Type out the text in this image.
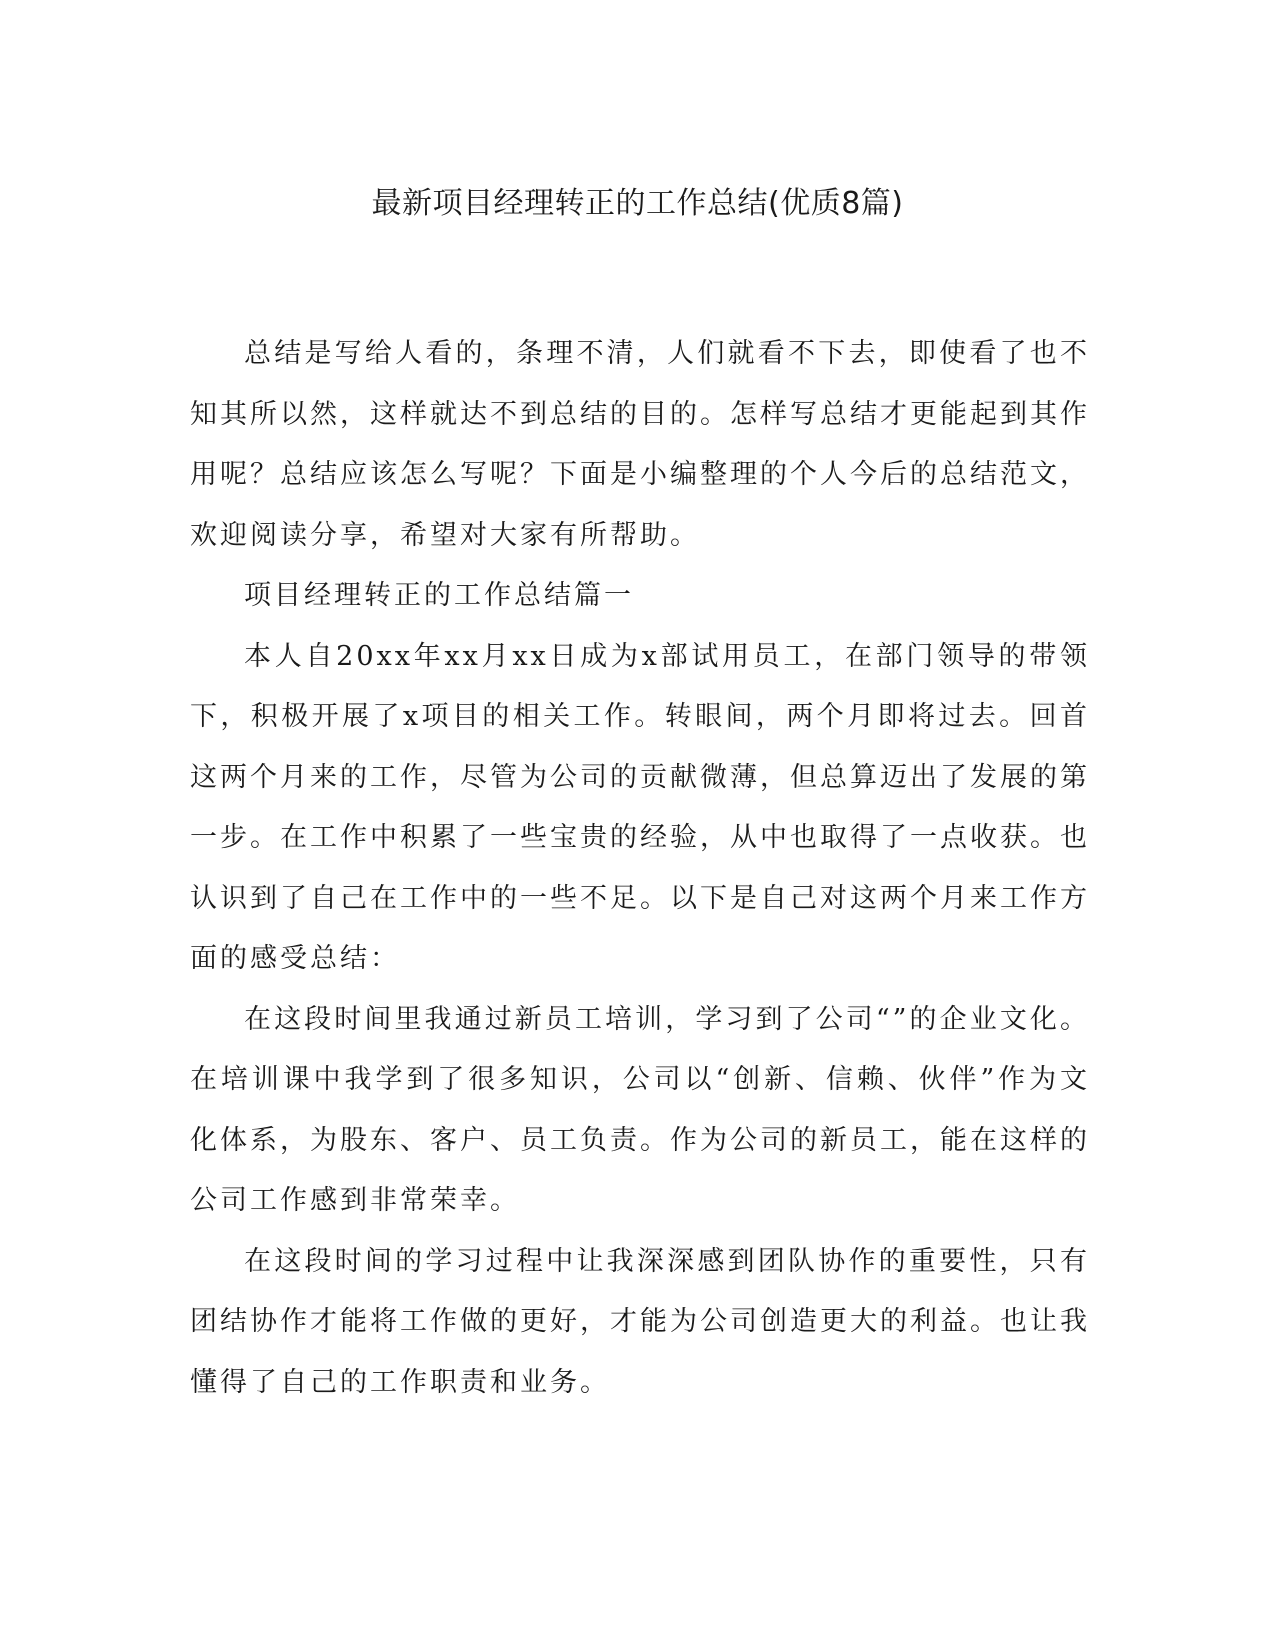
最新项目经理转正的工作总结(优质8篇)

总结是写给人看的，条理不清，人们就看不下去，即使看了也不知其所以然，这样就达不到总结的目的。怎样写总结才更能起到其作用呢？总结应该怎么写呢？下面是小编整理的个人今后的总结范文，欢迎阅读分享，希望对大家有所帮助。

项目经理转正的工作总结篇一

本人自20xx年xx月xx日成为x部试用员工，在部门领导的带领下，积极开展了x项目的相关工作。转眼间，两个月即将过去。回首这两个月来的工作，尽管为公司的贡献微薄，但总算迈出了发展的第一步。在工作中积累了一些宝贵的经验，从中也取得了一点收获。也认识到了自己在工作中的一些不足。以下是自己对这两个月来工作方面的感受总结：

在这段时间里我通过新员工培训，学习到了公司“”的企业文化。在培训课中我学到了很多知识，公司以“创新、信赖、伙伴”作为文化体系，为股东、客户、员工负责。作为公司的新员工，能在这样的公司工作感到非常荣幸。

在这段时间的学习过程中让我深深感到团队协作的重要性，只有团结协作才能将工作做的更好，才能为公司创造更大的利益。也让我懂得了自己的工作职责和业务。
